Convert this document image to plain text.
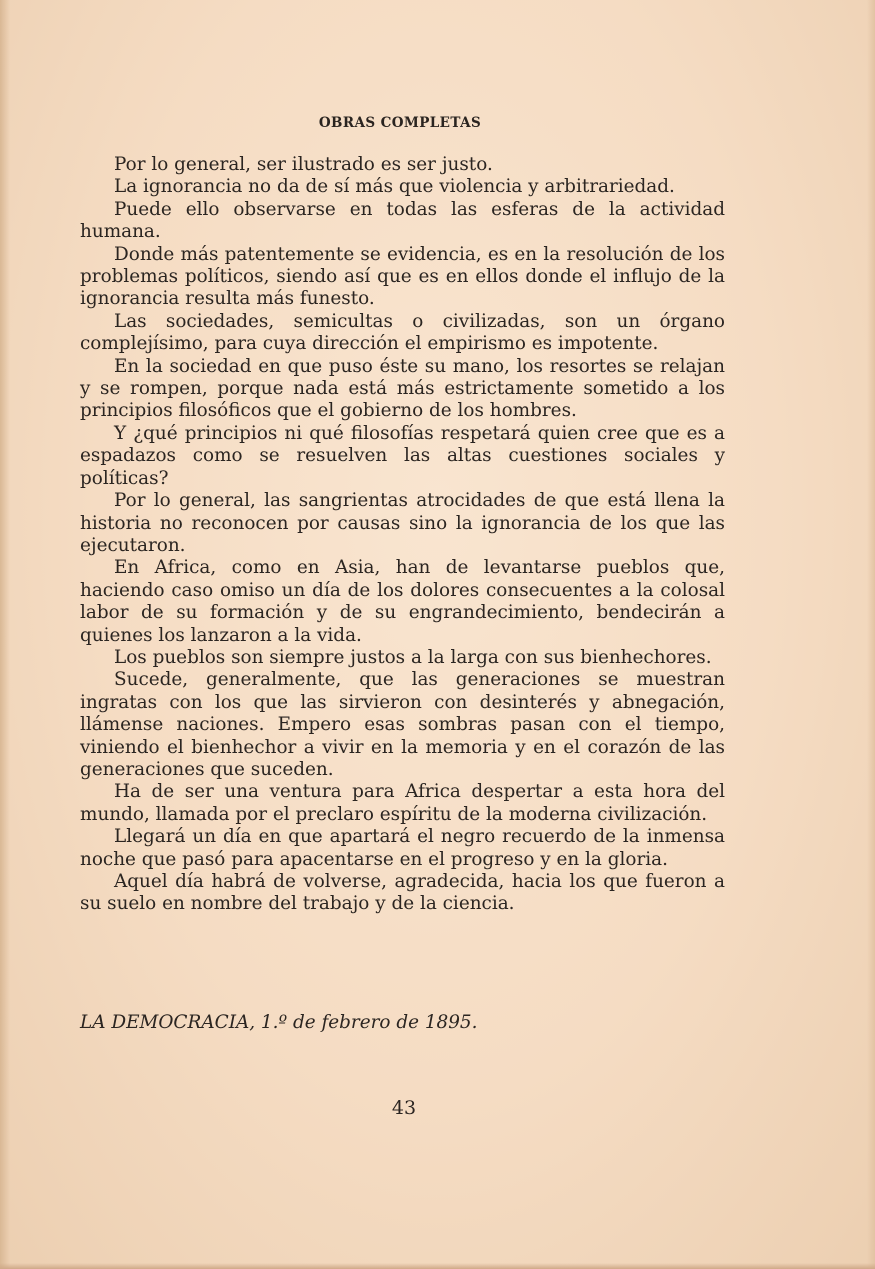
OBRAS COMPLETAS

Por lo general, ser ilustrado es ser justo.

La ignorancia no da de sí más que violencia y arbitrariedad.

Puede ello observarse en todas las esferas de la actividad humana.

Donde más patentemente se evidencia, es en la resolución de los problemas políticos, siendo así que es en ellos donde el influjo de la ignorancia resulta más funesto.

Las sociedades, semicultas o civilizadas, son un órgano complejísimo, para cuya dirección el empirismo es impotente.

En la sociedad en que puso éste su mano, los resortes se relajan y se rompen, porque nada está más estrictamente sometido a los principios filosóficos que el gobierno de los hombres.

Y ¿qué principios ni qué filosofías respetará quien cree que es a espadazos como se resuelven las altas cuestiones sociales y políticas?

Por lo general, las sangrientas atrocidades de que está llena la historia no reconocen por causas sino la ignorancia de los que las ejecutaron.

En Africa, como en Asia, han de levantarse pueblos que, haciendo caso omiso un día de los dolores consecuentes a la colosal labor de su formación y de su engrandecimiento, bendecirán a quienes los lanzaron a la vida.

Los pueblos son siempre justos a la larga con sus bienhechores.

Sucede, generalmente, que las generaciones se muestran ingratas con los que las sirvieron con desinterés y abnegación, llámense naciones. Empero esas sombras pasan con el tiempo, viniendo el bienhechor a vivir en la memoria y en el corazón de las generaciones que suceden.

Ha de ser una ventura para Africa despertar a esta hora del mundo, llamada por el preclaro espíritu de la moderna civilización.

Llegará un día en que apartará el negro recuerdo de la inmensa noche que pasó para apacentarse en el progreso y en la gloria.

Aquel día habrá de volverse, agradecida, hacia los que fueron a su suelo en nombre del trabajo y de la ciencia.

LA DEMOCRACIA, 1.º de febrero de 1895.
43
